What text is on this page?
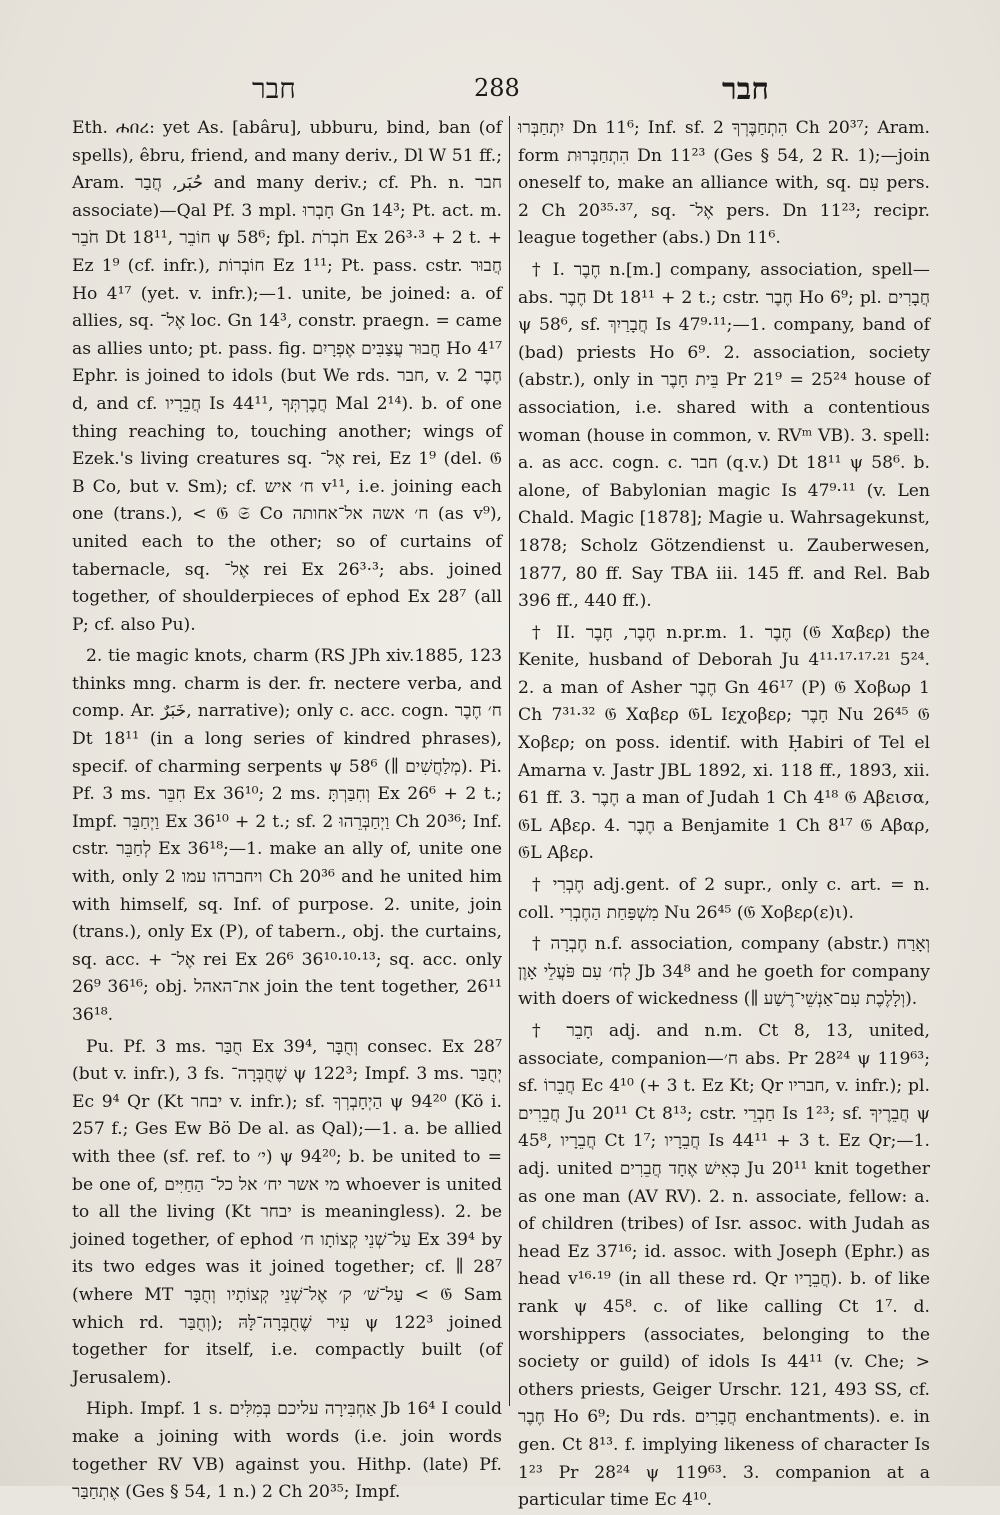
חבר	288	חבר

Eth. ሐበረ: yet As. [abâru], ubburu, bind, ban (of spells), êbru, friend, and many deriv., Dl W 51 ff.; Aram. حُبَر, חֲבַר and many deriv.; cf. Ph. n. חבר associate)—Qal Pf. 3 mpl. חָבְרוּ Gn 14³; Pt. act. m. חֹבֵר Dt 18¹¹, חוֹבֵר ψ 58⁶; fpl. חֹבְרֹת Ex 26³·³ + 2 t. + Ez 1⁹ (cf. infr.), חוֹבְרוֹת Ez 1¹¹; Pt. pass. cstr. חֲבוּר Ho 4¹⁷ (yet. v. infr.);—1. unite, be joined: a. of allies, sq. אֶל־ loc. Gn 14³, constr. praegn. = came as allies unto; pt. pass. fig. חֲבוּר עֲצַבִּים אֶפְרָיִם Ho 4¹⁷ Ephr. is joined to idols (but We rds. חבר, v. חֶבֶר 2 d, and cf. חֲבֵרָיו Is 44¹¹, חֲבֶרְתְּךָ Mal 2¹⁴). b. of one thing reaching to, touching another; wings of Ezek.'s living creatures sq. אֶל־ rei, Ez 1⁹ (del. 𝔊 B Co, but v. Sm); cf. ח׳ איש v¹¹, i.e. joining each one (trans.), < 𝔊 𝔖 Co ח׳ אשה אל־אחותה (as v⁹), united each to the other; so of curtains of tabernacle, sq. אֶל־ rei Ex 26³·³; abs. joined together, of shoulderpieces of ephod Ex 28⁷ (all P; cf. also Pu).

2. tie magic knots, charm (RS JPh xiv.1885, 123 thinks mng. charm is der. fr. nectere verba, and comp. Ar. خَبَرٌ, narrative); only c. acc. cogn. ח׳ חֶבֶר Dt 18¹¹ (in a long series of kindred phrases), specif. of charming serpents ψ 58⁶ (∥ מְלַחֲשִׁים). Pi. Pf. 3 ms. חִבֵּר Ex 36¹⁰; 2 ms. וְחִבַּרְתָּ Ex 26⁶ + 2 t.; Impf. וַיְחַבֵּר Ex 36¹⁰ + 2 t.; sf. וַיְחַבְּרֵהוּ 2 Ch 20³⁶; Inf. cstr. לְחַבֵּר Ex 36¹⁸;—1. make an ally of, unite one with, only ויחברהו עמו 2 Ch 20³⁶ and he united him with himself, sq. Inf. of purpose. 2. unite, join (trans.), only Ex (P), of tabern., obj. the curtains, sq. acc. + אֶל־ rei Ex 26⁶ 36¹⁰·¹⁰·¹³; sq. acc. only 26⁹ 36¹⁶; obj. את־האהל join the tent together, 26¹¹ 36¹⁸.

Pu. Pf. 3 ms. חֻבַּר Ex 39⁴, וְחֻבָּר consec. Ex 28⁷ (but v. infr.), 3 fs. שֶׁחֻבְּרָה־ ψ 122³; Impf. 3 ms. יְחֻבַּר Ec 9⁴ Qr (Kt יבחר v. infr.); sf. הַיְחָבְרְךָ ψ 94²⁰ (Kö i. 257 f.; Ges Ew Bö De al. as Qal);—1. a. be allied with thee (sf. ref. to י׳) ψ 94²⁰; b. be united to = be one of, מי אשר יח׳ אל כל־ הַחַיִּים whoever is united to all the living (Kt יבחר is meaningless). 2. be joined together, of ephod עַל־שְׁנֵי קְצוֹתָו ח׳ Ex 39⁴ by its two edges was it joined together; cf. ∥ 28⁷ (where MT עַל־שׁ׳ ק׳ אֶל־שְׁנֵי קְצוֹתָיו וְחֻבָּר < 𝔊 Sam which rd. וְחֻבַּר); עִיר שֶׁחֻבְּרָה־לָּהּ ψ 122³ joined together for itself, i.e. compactly built (of Jerusalem).

Hiph. Impf. 1 s. אַחְבִּירָה עליכם בְּמִלִּים Jb 16⁴ I could make a joining with words (i.e. join words together RV VB) against you. Hithp. (late) Pf. אֶתְחַבַּר (Ges § 54, 1 n.) 2 Ch 20³⁵; Impf.

יִתְחַבְּרוּ Dn 11⁶; Inf. sf. הִתְחַבֶּרְךָ 2 Ch 20³⁷; Aram. form הִתְחַבְּרוּת Dn 11²³ (Ges § 54, 2 R. 1);—join oneself to, make an alliance with, sq. עִם pers. 2 Ch 20³⁵·³⁷, sq. אֶל־ pers. Dn 11²³; recipr. league together (abs.) Dn 11⁶.

† I. חֶבֶר n.[m.] company, association, spell—abs. חֶבֶר Dt 18¹¹ + 2 t.; cstr. חֶבֶר Ho 6⁹; pl. חֲבָרִים ψ 58⁶, sf. חֲבָרַיִךְ Is 47⁹·¹¹;—1. company, band of (bad) priests Ho 6⁹. 2. association, society (abstr.), only in בֵּית חָבֶר Pr 21⁹ = 25²⁴ house of association, i.e. shared with a contentious woman (house in common, v. RVᵐ VB). 3. spell: a. as acc. cogn. c. חבר (q.v.) Dt 18¹¹ ψ 58⁶. b. alone, of Babylonian magic Is 47⁹·¹¹ (v. Len Chald. Magic [1878]; Magie u. Wahrsagekunst, 1878; Scholz Götzendienst u. Zauberwesen, 1877, 80 ff. Say TBA iii. 145 ff. and Rel. Bab 396 ff., 440 ff.).

† II. חֶבֶר, חָבֶר n.pr.m. 1. חֶבֶר (𝔊 Χαβερ) the Kenite, husband of Deborah Ju 4¹¹·¹⁷·¹⁷·²¹ 5²⁴. 2. a man of Asher חֶבֶר Gn 46¹⁷ (P) 𝔊 Χοβωρ 1 Ch 7³¹·³² 𝔊 Χαβερ 𝔊L Ιεχοβερ; חָבֶר Nu 26⁴⁵ 𝔊 Χοβερ; on poss. identif. with Ḥabiri of Tel el Amarna v. Jastr JBL 1892, xi. 118 ff., 1893, xii. 61 ff. 3. חֶבֶר a man of Judah 1 Ch 4¹⁸ 𝔊 Αβεισα, 𝔊L Αβερ. 4. חֶבֶר a Benjamite 1 Ch 8¹⁷ 𝔊 Αβαρ, 𝔊L Αβερ.

† חֶבְרִי adj.gent. of 2 supr., only c. art. = n. coll. מִשְׁפַּחַת הַחֶבְרִי Nu 26⁴⁵ (𝔊 Χοβερ(ε)ι).

† חֶבְרָה n.f. association, company (abstr.) וְאָרַח לְח׳ עִם פֹּעֲלֵי אָוֶן Jb 34⁸ and he goeth for company with doers of wickedness (∥ וְלָלֶכֶת עִם־אַנְשֵׁי־רֶשַׁע).

† חָבֵר adj. and n.m. Ct 8, 13, united, associate, companion—ח׳ abs. Pr 28²⁴ ψ 119⁶³; sf. חֲבֵרוֹ Ec 4¹⁰ (+ 3 t. Ez Kt; Qr חבריו, v. infr.); pl. חֲבֵרִים Ju 20¹¹ Ct 8¹³; cstr. חַבְרֵי Is 1²³; sf. חֲבֵרֶיךָ ψ 45⁸, חֲבֵרָיו Ct 1⁷; חֲבֵרָיו Is 44¹¹ + 3 t. Ez Qr;—1. adj. united כְּאִישׁ אֶחָד חֲבֵרִים Ju 20¹¹ knit together as one man (AV RV). 2. n. associate, fellow: a. of children (tribes) of Isr. assoc. with Judah as head Ez 37¹⁶; id. assoc. with Joseph (Ephr.) as head v¹⁶·¹⁹ (in all these rd. Qr חֲבֵרָיו). b. of like rank ψ 45⁸. c. of like calling Ct 1⁷. d. worshippers (associates, belonging to the society or guild) of idols Is 44¹¹ (v. Che; > others priests, Geiger Urschr. 121, 493 SS, cf. חֶבֶר Ho 6⁹; Du rds. חֲבָרִים enchantments). e. in gen. Ct 8¹³. f. implying likeness of character Is 1²³ Pr 28²⁴ ψ 119⁶³. 3. companion at a particular time Ec 4¹⁰.
